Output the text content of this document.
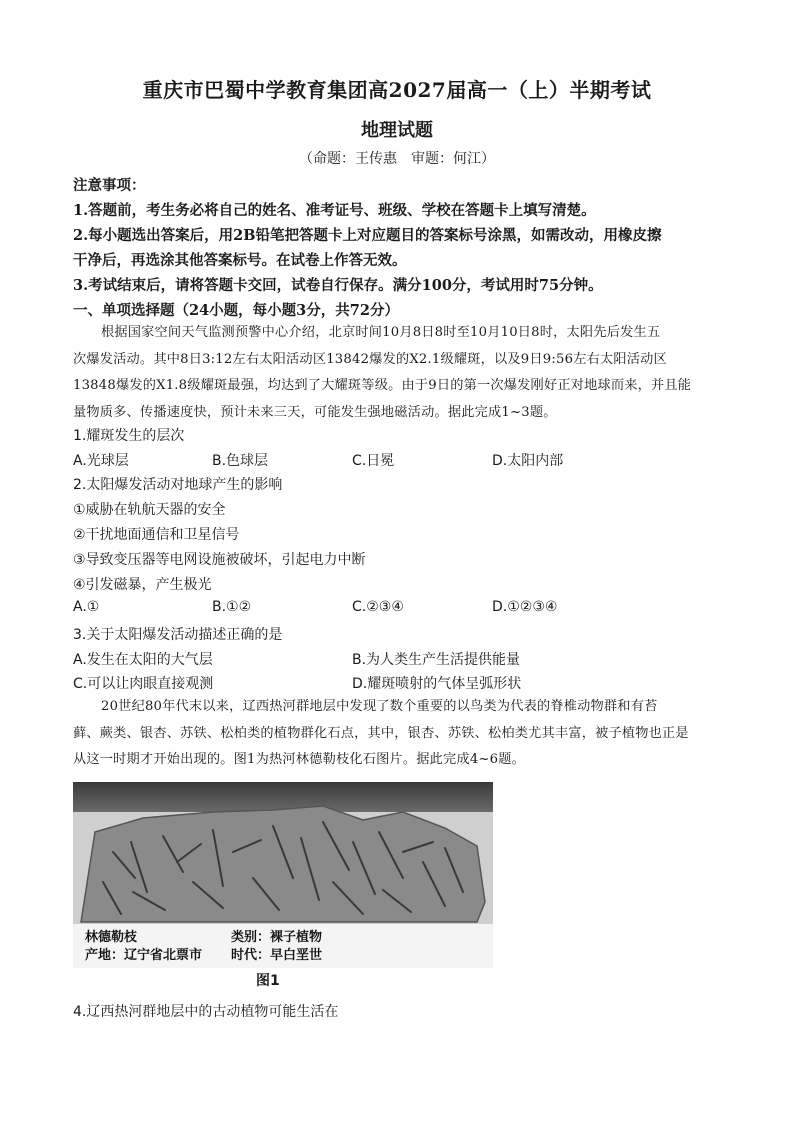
重庆市巴蜀中学教育集团高2027届高一（上）半期考试
地理试题
（命题：王传惠　审题：何江）
注意事项：
1.答题前，考生务必将自己的姓名、准考证号、班级、学校在答题卡上填写清楚。
2.每小题选出答案后，用2B铅笔把答题卡上对应题目的答案标号涂黑，如需改动，用橡皮擦
干净后，再选涂其他答案标号。在试卷上作答无效。
3.考试结束后，请将答题卡交回，试卷自行保存。满分100分，考试用时75分钟。
一、单项选择题（24小题，每小题3分，共72分）
根据国家空间天气监测预警中心介绍，北京时间10月8日8时至10月10日8时，太阳先后发生五
次爆发活动。其中8日3:12左右太阳活动区13842爆发的X2.1级耀斑，以及9日9:56左右太阳活动区
13848爆发的X1.8级耀斑最强，均达到了大耀斑等级。由于9日的第一次爆发刚好正对地球而来，并且能
量物质多、传播速度快，预计未来三天，可能发生强地磁活动。据此完成1~3题。
1.耀斑发生的层次
A.光球层	B.色球层	C.日冕	D.太阳内部
2.太阳爆发活动对地球产生的影响
①威胁在轨航天器的安全
②干扰地面通信和卫星信号
③导致变压器等电网设施被破坏，引起电力中断
④引发磁暴，产生极光
A.①	B.①②	C.②③④	D.①②③④
3.关于太阳爆发活动描述正确的是
A.发生在太阳的大气层	B.为人类生产生活提供能量
C.可以让肉眼直接观测	D.耀斑喷射的气体呈弧形状
20世纪80年代末以来，辽西热河群地层中发现了数个重要的以鸟类为代表的脊椎动物群和有苔
藓、蕨类、银杏、苏铁、松柏类的植物群化石点，其中，银杏、苏铁、松柏类尤其丰富，被子植物也正是
从这一时期才开始出现的。图1为热河林德勒枝化石图片。据此完成4~6题。
林德勒枝	类别：裸子植物
产地：辽宁省北票市 时代：早白垩世
图1
4.辽西热河群地层中的古动植物可能生活在
